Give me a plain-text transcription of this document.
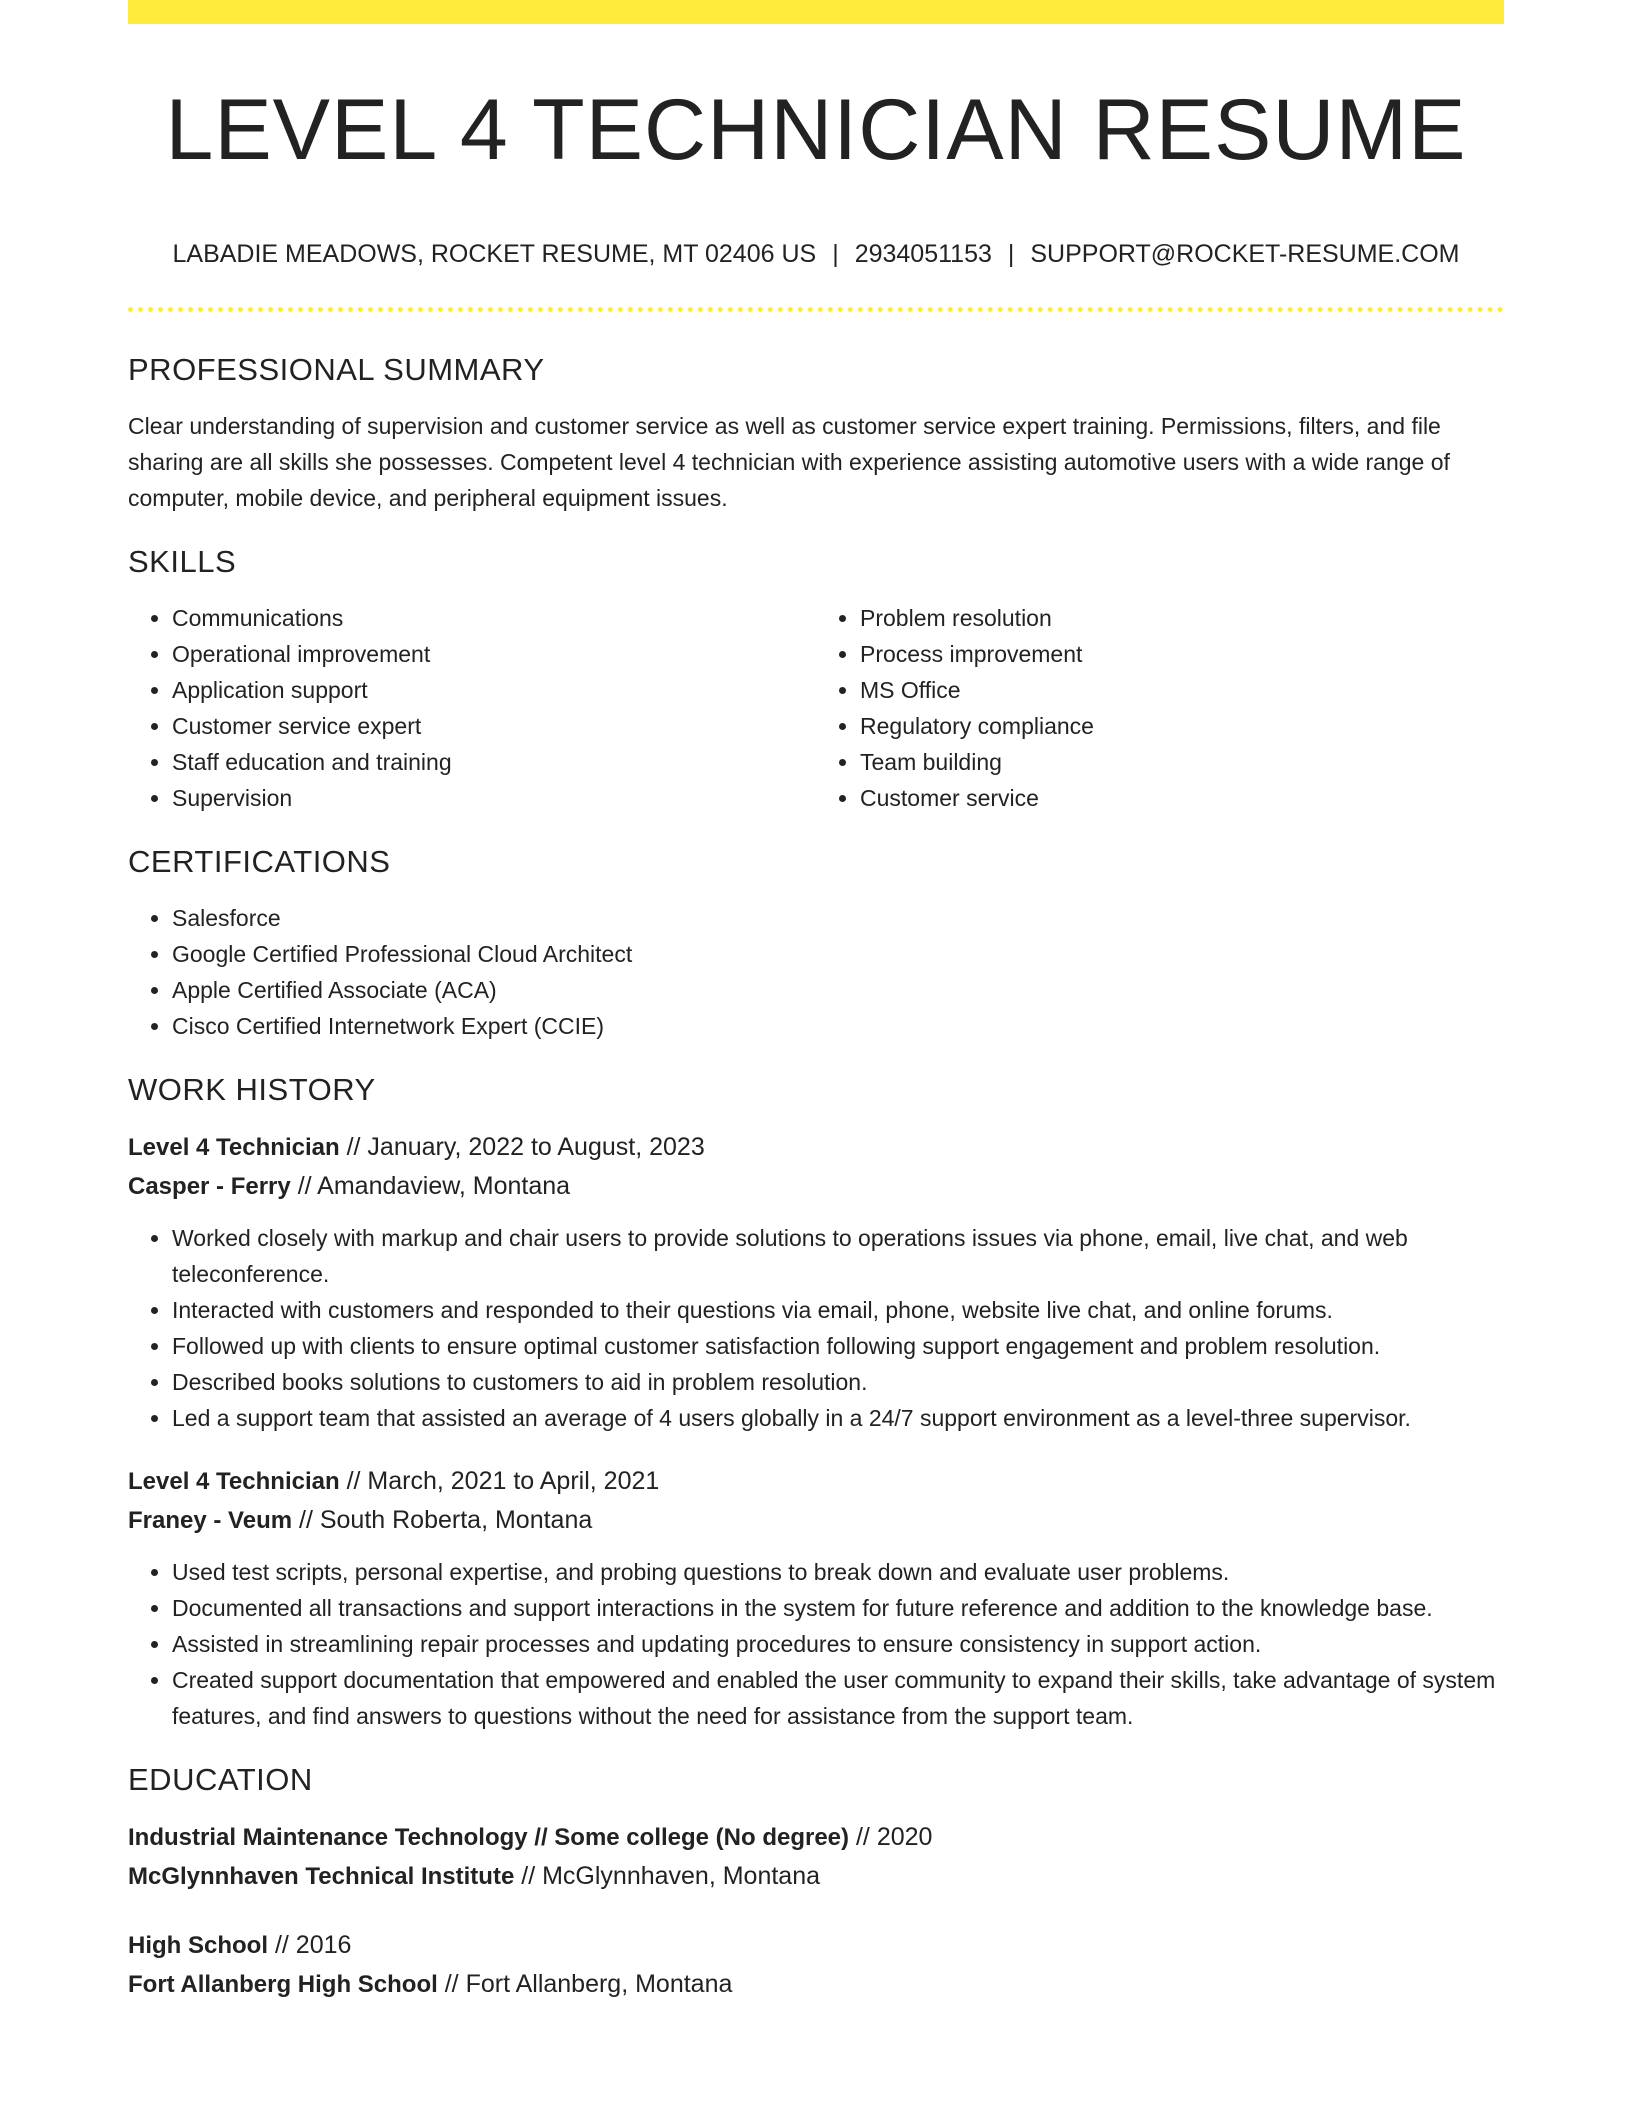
LEVEL 4 TECHNICIAN RESUME
LABADIE MEADOWS, ROCKET RESUME, MT 02406 US | 2934051153 | SUPPORT@ROCKET-RESUME.COM
PROFESSIONAL SUMMARY
Clear understanding of supervision and customer service as well as customer service expert training. Permissions, filters, and file sharing are all skills she possesses. Competent level 4 technician with experience assisting automotive users with a wide range of computer, mobile device, and peripheral equipment issues.
SKILLS
• Communications
• Operational improvement
• Application support
• Customer service expert
• Staff education and training
• Supervision
• Problem resolution
• Process improvement
• MS Office
• Regulatory compliance
• Team building
• Customer service
CERTIFICATIONS
• Salesforce
• Google Certified Professional Cloud Architect
• Apple Certified Associate (ACA)
• Cisco Certified Internetwork Expert (CCIE)
WORK HISTORY
Level 4 Technician // January, 2022 to August, 2023
Casper - Ferry // Amandaview, Montana
• Worked closely with markup and chair users to provide solutions to operations issues via phone, email, live chat, and web teleconference.
• Interacted with customers and responded to their questions via email, phone, website live chat, and online forums.
• Followed up with clients to ensure optimal customer satisfaction following support engagement and problem resolution.
• Described books solutions to customers to aid in problem resolution.
• Led a support team that assisted an average of 4 users globally in a 24/7 support environment as a level-three supervisor.
Level 4 Technician // March, 2021 to April, 2021
Franey - Veum // South Roberta, Montana
• Used test scripts, personal expertise, and probing questions to break down and evaluate user problems.
• Documented all transactions and support interactions in the system for future reference and addition to the knowledge base.
• Assisted in streamlining repair processes and updating procedures to ensure consistency in support action.
• Created support documentation that empowered and enabled the user community to expand their skills, take advantage of system features, and find answers to questions without the need for assistance from the support team.
EDUCATION
Industrial Maintenance Technology // Some college (No degree) // 2020
McGlynnhaven Technical Institute // McGlynnhaven, Montana
High School // 2016
Fort Allanberg High School // Fort Allanberg, Montana
